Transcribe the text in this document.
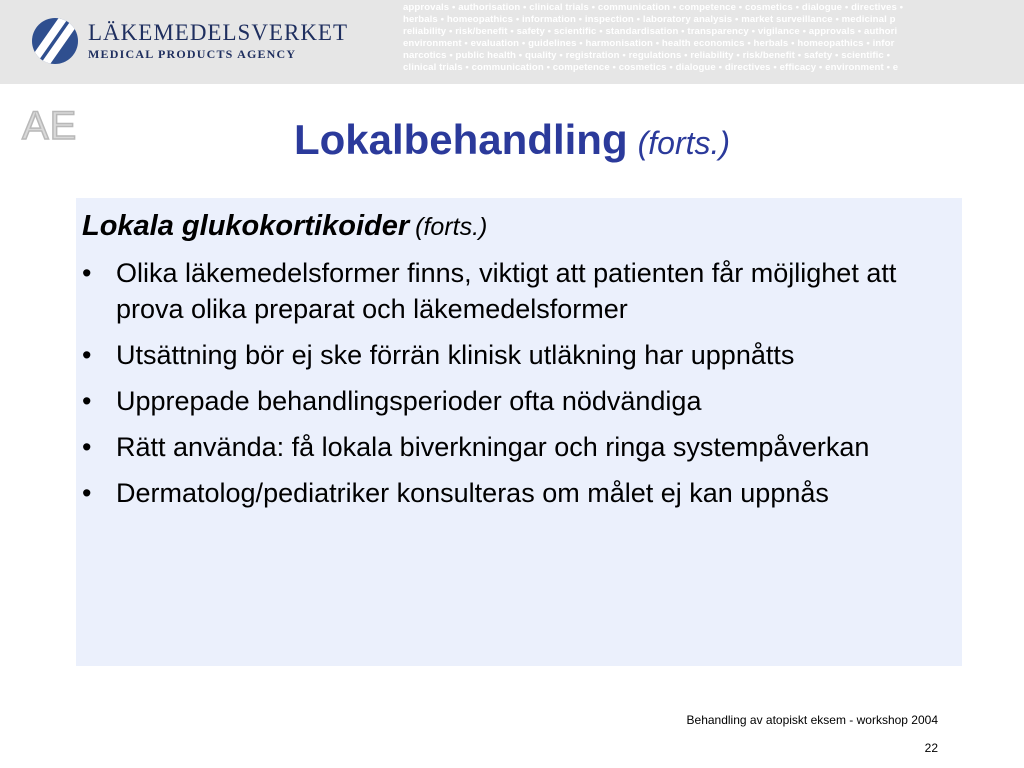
LÄKEMEDELSVERKET
MEDICAL PRODUCTS AGENCY
approvals • authorisation • clinical trials • communication • competence • cosmetics • dialogue • directives •
herbals • homeopathics • information • inspection • laboratory analysis • market surveillance • medicinal p
reliability • risk/benefit • safety • scientific • standardisation • transparency • vigilance • approvals • authori
environment • evaluation • guidelines • harmonisation • health economics • herbals • homeopathics • infor
narcotics • public health • quality • registration • regulations • reliability • risk/benefit • safety • scientific •
clinical trials • communication • competence • cosmetics • dialogue • directives • efficacy • environment • e
AE	Lokalbehandling (forts.)
Lokala glukokortikoider (forts.)
• Olika läkemedelsformer finns, viktigt att patienten får möjlighet att prova olika preparat och läkemedelsformer
• Utsättning bör ej ske förrän klinisk utläkning har uppnåtts
• Upprepade behandlingsperioder ofta nödvändiga
• Rätt använda: få lokala biverkningar och ringa systempåverkan
• Dermatolog/pediatriker konsulteras om målet ej kan uppnås
Behandling av atopiskt eksem - workshop 2004
22
